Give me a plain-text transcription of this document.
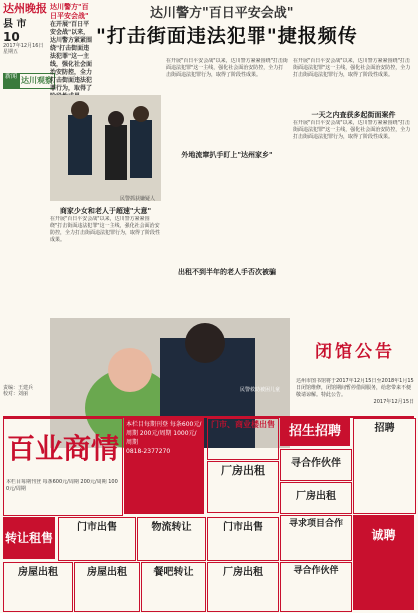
达州晚报
县 市
10
2017年12月16日
星期五
新闻 达川观察
达川警方"百日平安会战"
在开展"百日平安会战"以来，达川警方紧紧围绕"打击街面违法犯罪"这一主线，强化社会面治安防控，全力打击街面违法犯罪行为，取得了
达川警方"百日平安会战"
"打击街面违法犯罪"捷报频传
民警抓获嫌疑人
商家少女和老人于超速"大意"
在开展"百日平安会战"以来，达川警方紧紧围绕"打击街面违法犯罪"这一主线，强化社会面治安防控，全力打击街面违法犯罪行为，取得了阶段性成果。
在开展"百日平安会战"以来，达川警方紧紧围绕"打击街面违法犯罪"这一主线，强化社会面治安防控，全力打击街面违法犯罪行为，取得了阶段性成果。
外地流窜扒手盯上"达州家乡"
出租不到半年的老人手否次被骗
在开展"百日平安会战"以来，达川警方紧紧围绕"打击街面违法犯罪"这一主线，强化社会面治安防控，全力打击街面违法犯罪行为，取得了阶段性成果。
一天之内查获多起街面案件
在开展"百日平安会战"以来，达川警方紧紧围绕"打击街面违法犯罪"这一主线，强化社会面治安防控，全力打击街面违法犯罪行为，取得了阶段性成果。
民警救助被困儿童
责编：王建兵
校对：刘丽
闭馆公告
达州市图书馆将于2017年12月15日至2018年1月15日闭馆维修，闭馆期间暂停借阅服务，给您带来不便敬请谅解。特此公告。
2017年12月15日
百业商情
本栏目每期刊登 每条600元/周期 200元/周期 1000元/周期
本栏目每期刊登 每条600元/周期 200元/周期 1000元/周期
0818-2377270
门市、商业楼出售
厂房出租
招生招聘
寻合作伙伴
厂房出租
招聘
转让租售
门市出售	物流转让	门市出售	寻求项目合作
房屋出租	房屋出租	餐吧转让	厂房出租	寻合作伙伴
诚聘
